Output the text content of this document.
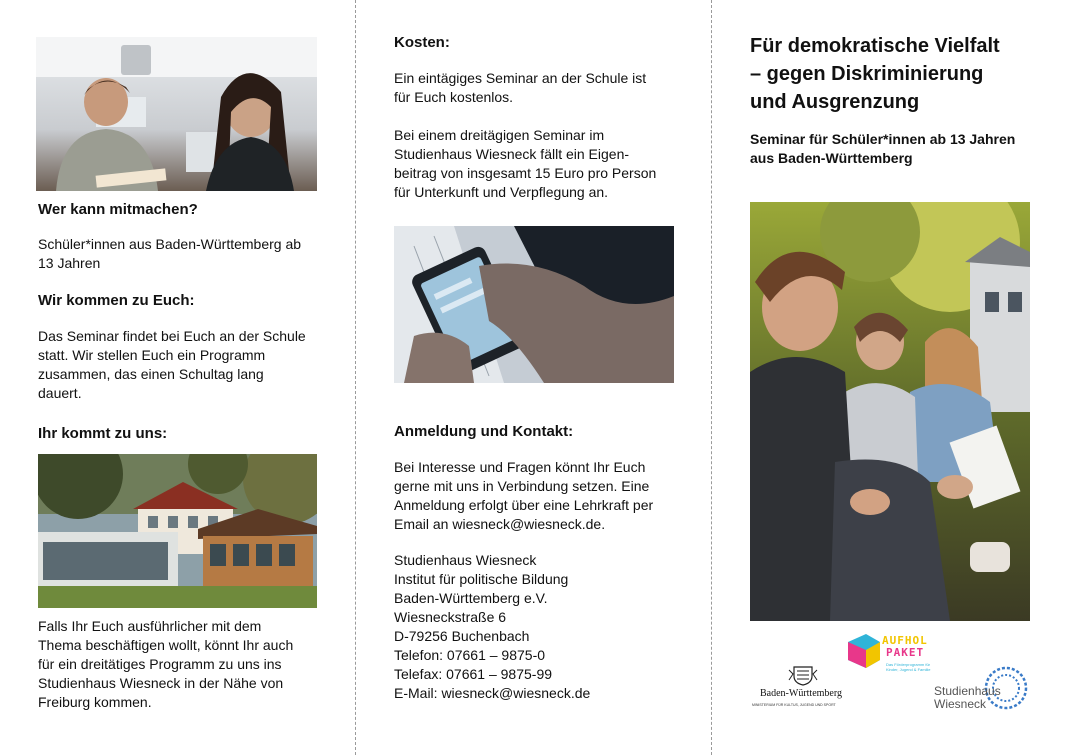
Wer kann mitmachen?

Schüler*innen aus Baden-Württemberg ab
13 Jahren

Wir kommen zu Euch:

Das Seminar findet bei Euch an der Schule
statt. Wir stellen Euch ein Programm
zusammen, das einen Schultag lang
dauert.

Ihr kommt zu uns:

Falls Ihr Euch ausführlicher mit dem
Thema beschäftigen wollt, könnt Ihr auch
für ein dreitätiges Programm zu uns ins
Studienhaus Wiesneck in der Nähe von
Freiburg kommen.

Kosten:

Ein eintägiges Seminar an der Schule ist
für Euch kostenlos.

Bei einem dreitägigen Seminar im
Studienhaus Wiesneck fällt ein Eigen-
beitrag von insgesamt 15 Euro pro Person
für Unterkunft und Verpflegung an.

Anmeldung und Kontakt:

Bei Interesse und Fragen könnt Ihr Euch
gerne mit uns in Verbindung setzen. Eine
Anmeldung erfolgt über eine Lehrkraft per
Email an wiesneck@wiesneck.de.

Studienhaus Wiesneck

Institut für politische Bildung

Baden-Württemberg e.V.

Wiesneckstraße 6

D-79256 Buchenbach

Telefon: 07661 – 9875-0

Telefax: 07661 – 9875-99

E-Mail: wiesneck@wiesneck.de

Für demokratische Vielfalt
– gegen Diskriminierung
und Ausgrenzung

Seminar für Schüler*innen ab 13 Jahren
aus Baden-Württemberg

AUFHOL
PAKET
Das Förderprogramm für
Kinder, Jugend & Familie
Baden-Württemberg
MINISTERIUM FÜR KULTUS, JUGEND UND SPORT
Studienhaus
Wiesneck
